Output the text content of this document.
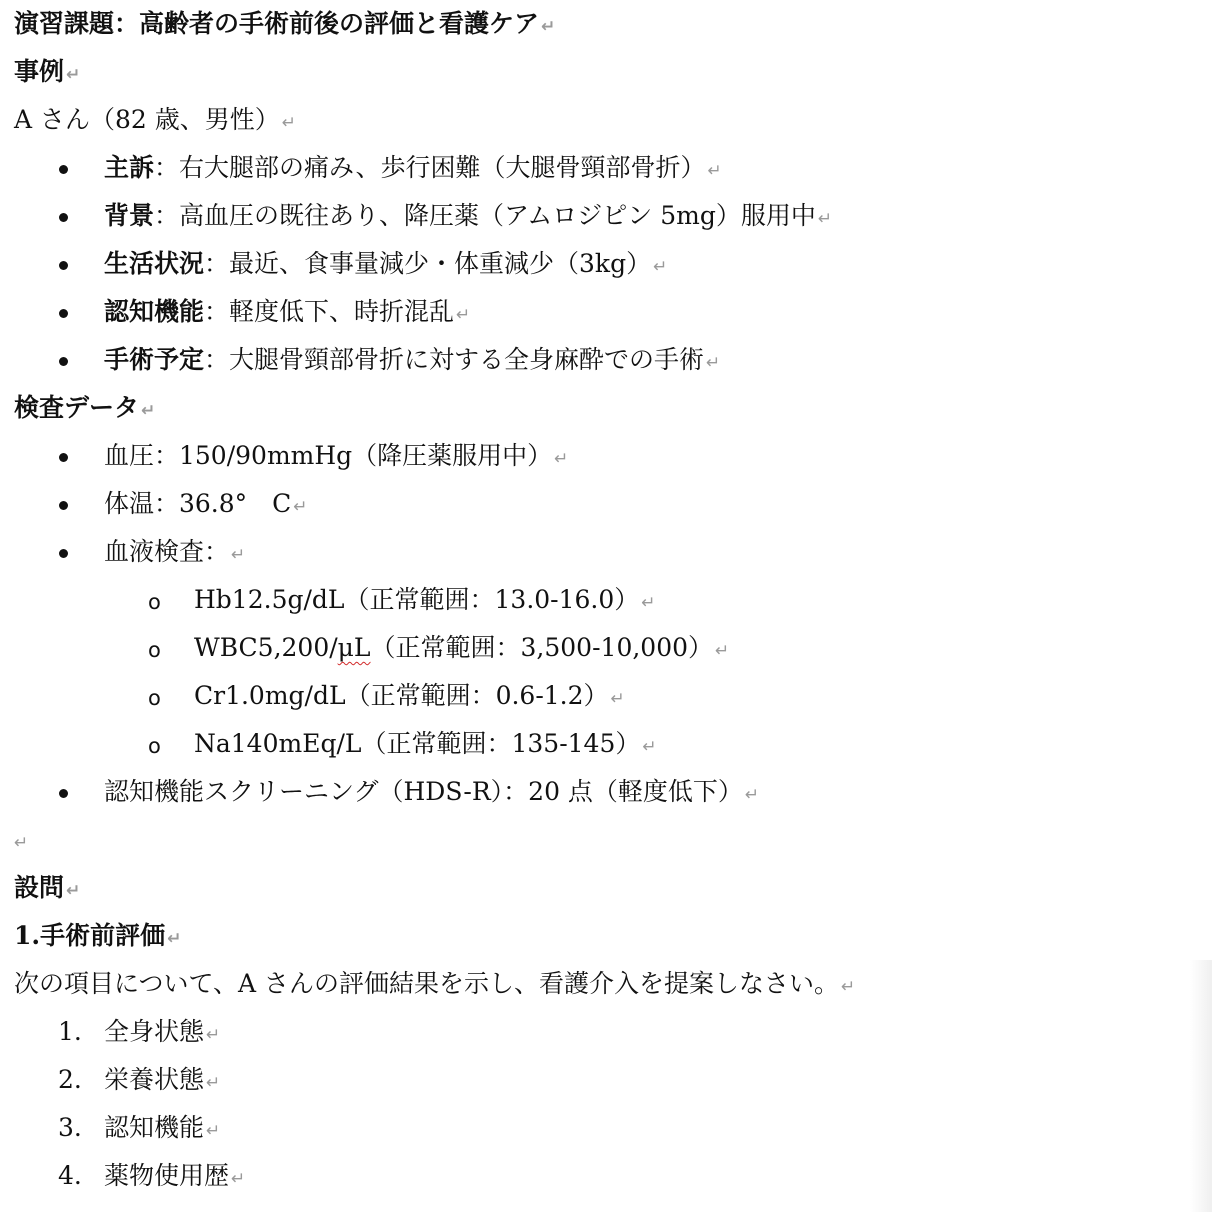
演習課題：高齢者の手術前後の評価と看護ケア ↵
事例 ↵
A さん（82 歳、男性） ↵
主訴：右大腿部の痛み、歩行困難（大腿骨頸部骨折） ↵
背景：高血圧の既往あり、降圧薬（アムロジピン 5mg）服用中 ↵
生活状況：最近、食事量減少・体重減少（3kg） ↵
認知機能：軽度低下、時折混乱 ↵
手術予定：大腿骨頸部骨折に対する全身麻酔での手術 ↵
検査データ ↵
血圧：150/90mmHg（降圧薬服用中） ↵
体温：36.8°　C ↵
血液検査： ↵
o Hb12.5g/dL（正常範囲：13.0-16.0） ↵
o WBC5,200/μL（正常範囲：3,500-10,000） ↵
o Cr1.0mg/dL（正常範囲：0.6-1.2） ↵
o Na140mEq/L（正常範囲：135-145） ↵
認知機能スクリーニング（HDS-R）：20 点（軽度低下） ↵
↵
設問 ↵
1.手術前評価 ↵
次の項目について、A さんの評価結果を示し、看護介入を提案しなさい。 ↵
1. 全身状態 ↵
2. 栄養状態 ↵
3. 認知機能 ↵
4. 薬物使用歴 ↵
